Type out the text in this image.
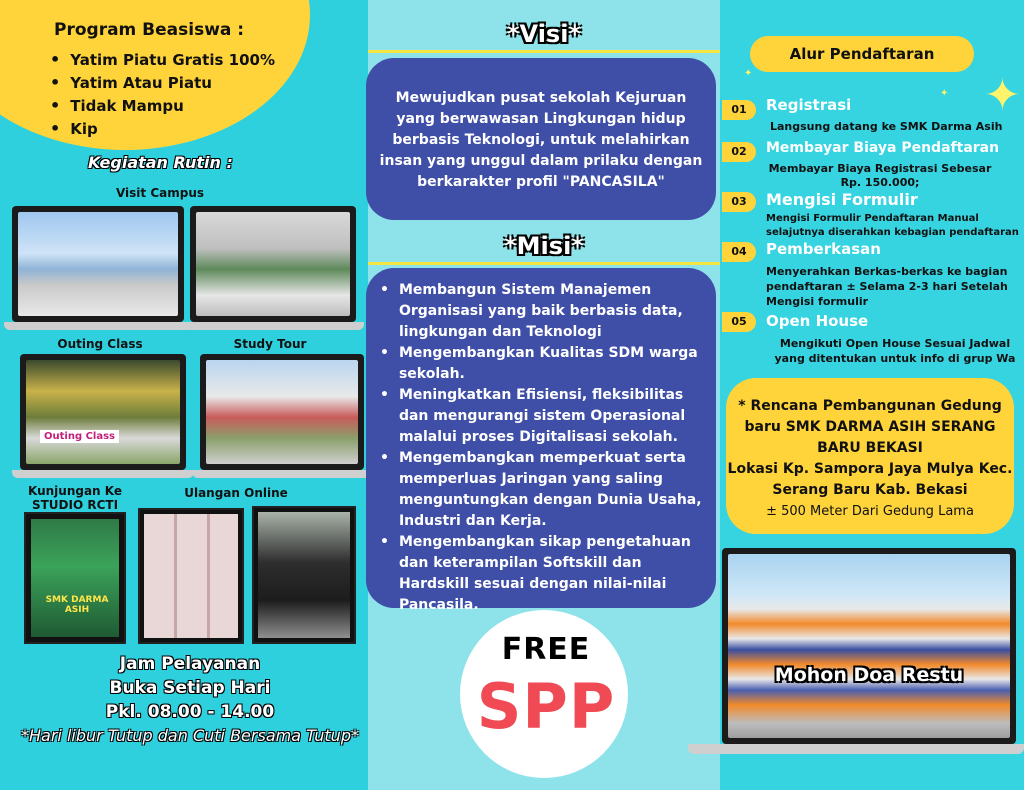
Program Beasiswa :
• Yatim Piatu Gratis 100%
• Yatim Atau Piatu
• Tidak Mampu
• Kip
Kegiatan Rutin :
Visit Campus
Outing Class	Study Tour
Outing Class
Kunjungan Ke STUDIO RCTI
Ulangan Online
SMK DARMA ASIH
Jam Pelayanan
Buka Setiap Hari
Pkl. 08.00 - 14.00
*Hari libur Tutup dan Cuti Bersama Tutup*
*Visi*
Mewujudkan pusat sekolah Kejuruan yang berwawasan Lingkungan hidup berbasis Teknologi, untuk melahirkan insan yang unggul dalam prilaku dengan berkarakter profil "PANCASILA"
*Misi*
• Membangun Sistem Manajemen Organisasi yang baik berbasis data, lingkungan dan Teknologi
• Mengembangkan Kualitas SDM warga sekolah.
• Meningkatkan Efisiensi, fleksibilitas dan mengurangi sistem Operasional malalui proses Digitalisasi sekolah.
• Mengembangkan memperkuat serta memperluas Jaringan yang saling menguntungkan dengan Dunia Usaha, Industri dan Kerja.
• Mengembangkan sikap pengetahuan dan keterampilan Softskill dan Hardskill sesuai dengan nilai-nilai Pancasila.
FREE
SPP
Alur Pendaftaran
✦
✦
✦
01	Registrasi
Langsung datang ke SMK Darma Asih
02	Membayar Biaya Pendaftaran
Membayar Biaya Registrasi Sebesar Rp. 150.000;
03	Mengisi Formulir
Mengisi Formulir Pendaftaran Manual selajutnya diserahkan kebagian pendaftaran
04	Pemberkasan
Menyerahkan Berkas-berkas ke bagian pendaftaran ± Selama 2-3 hari Setelah Mengisi formulir
05	Open House
Mengikuti Open House Sesuai Jadwal yang ditentukan untuk info di grup Wa
* Rencana Pembangunan Gedung
baru SMK DARMA ASIH SERANG
BARU BEKASI
Lokasi Kp. Sampora Jaya Mulya Kec.
Serang Baru Kab. Bekasi
± 500 Meter Dari Gedung Lama
Mohon Doa Restu
